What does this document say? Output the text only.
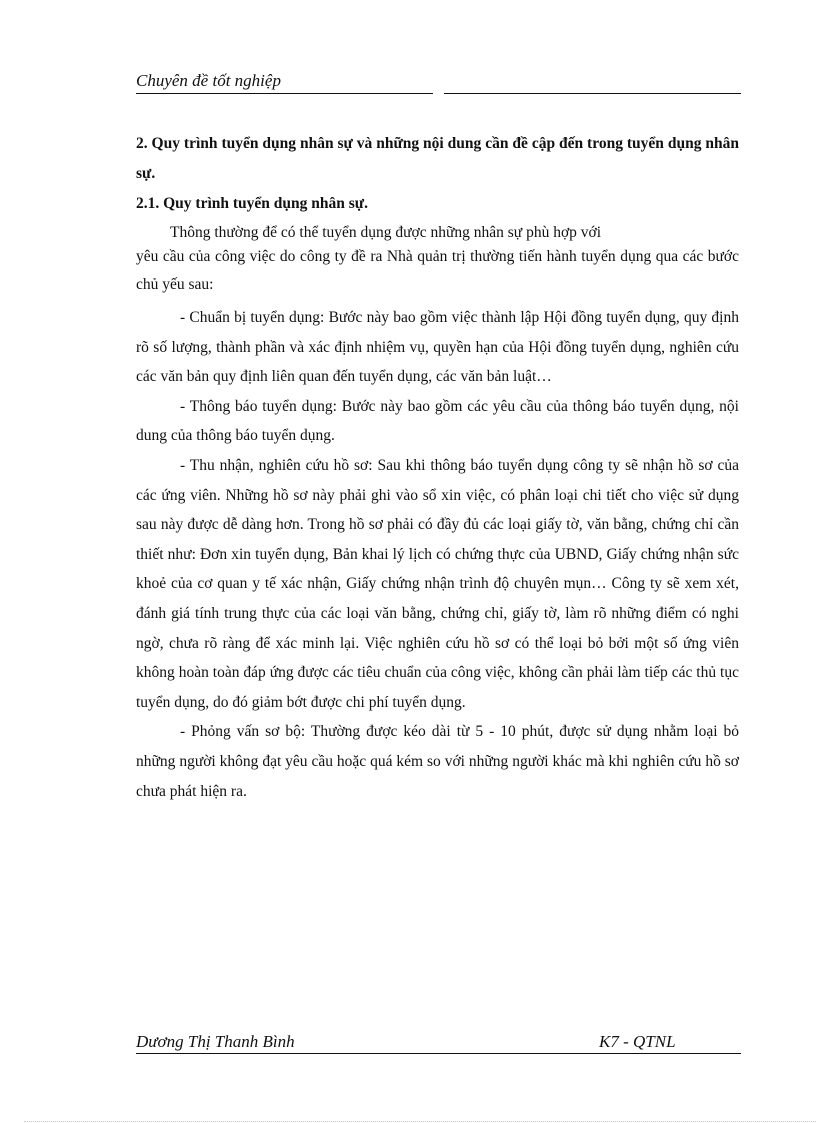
Chuyên đề tốt nghiệp

2. Quy trình tuyển dụng nhân sự và những nội dung cần đề cập đến trong tuyển dụng nhân sự.

2.1. Quy trình tuyển dụng nhân sự.

Thông thường để có thể tuyển dụng được những nhân sự phù hợp với

yêu cầu của công việc do công ty đề ra Nhà quản trị thường tiến hành tuyển dụng qua các bước chủ yếu sau:

- Chuẩn bị tuyển dụng: Bước này bao gồm việc thành lập Hội đồng tuyển dụng, quy định rõ số lượng, thành phần và xác định nhiệm vụ, quyền hạn của Hội đồng tuyển dụng, nghiên cứu các văn bản quy định liên quan đến tuyển dụng, các văn bản luật…

- Thông báo tuyển dụng: Bước này bao gồm các yêu cầu của thông báo tuyển dụng, nội dung của thông báo tuyển dụng.

- Thu nhận, nghiên cứu hồ sơ: Sau khi thông báo tuyển dụng công ty sẽ nhận hồ sơ của các ứng viên. Những hồ sơ này phải ghi vào sổ xin việc, có phân loại chi tiết cho việc sử dụng sau này được dễ dàng hơn. Trong hồ sơ phải có đầy đủ các loại giấy tờ, văn bằng, chứng chỉ cần thiết như: Đơn xin tuyển dụng, Bản khai lý lịch có chứng thực của UBND, Giấy chứng nhận sức khoẻ của cơ quan y tế xác nhận, Giấy chứng nhận trình độ chuyên mụn… Công ty sẽ xem xét, đánh giá tính trung thực của các loại văn bằng, chứng chỉ, giấy tờ, làm rõ những điểm có nghi ngờ, chưa rõ ràng để xác minh lại. Việc nghiên cứu hồ sơ có thể loại bỏ bởi một số ứng viên không hoàn toàn đáp ứng được các tiêu chuẩn của công việc, không cần phải làm tiếp các thủ tục tuyển dụng, do đó giảm bớt được chi phí tuyển dụng.

- Phỏng vấn sơ bộ: Thường được kéo dài từ 5 - 10 phút, được sử dụng nhằm loại bỏ những người không đạt yêu cầu hoặc quá kém so với những người khác mà khi nghiên cứu hồ sơ chưa phát hiện ra.

Dương Thị Thanh Bình	K7 - QTNL
